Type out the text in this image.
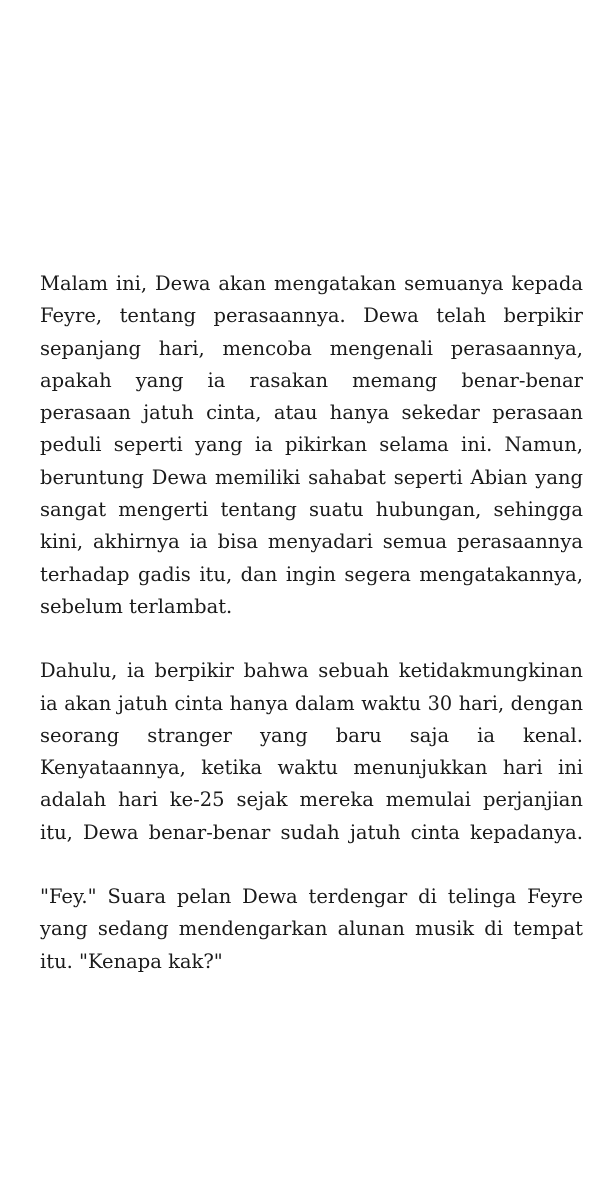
Malam ini, Dewa akan mengatakan semuanya kepada
Feyre, tentang perasaannya. Dewa telah berpikir
sepanjang hari, mencoba mengenali perasaannya,
apakah yang ia rasakan memang benar-benar
perasaan jatuh cinta, atau hanya sekedar perasaan
peduli seperti yang ia pikirkan selama ini. Namun,
beruntung Dewa memiliki sahabat seperti Abian yang
sangat mengerti tentang suatu hubungan, sehingga
kini, akhirnya ia bisa menyadari semua perasaannya
terhadap gadis itu, dan ingin segera mengatakannya,
sebelum terlambat.
Dahulu, ia berpikir bahwa sebuah ketidakmungkinan
ia akan jatuh cinta hanya dalam waktu 30 hari, dengan
seorang stranger yang baru saja ia kenal.
Kenyataannya, ketika waktu menunjukkan hari ini
adalah hari ke-25 sejak mereka memulai perjanjian
itu, Dewa benar-benar sudah jatuh cinta kepadanya.
"Fey." Suara pelan Dewa terdengar di telinga Feyre
yang sedang mendengarkan alunan musik di tempat
itu. "Kenapa kak?"
